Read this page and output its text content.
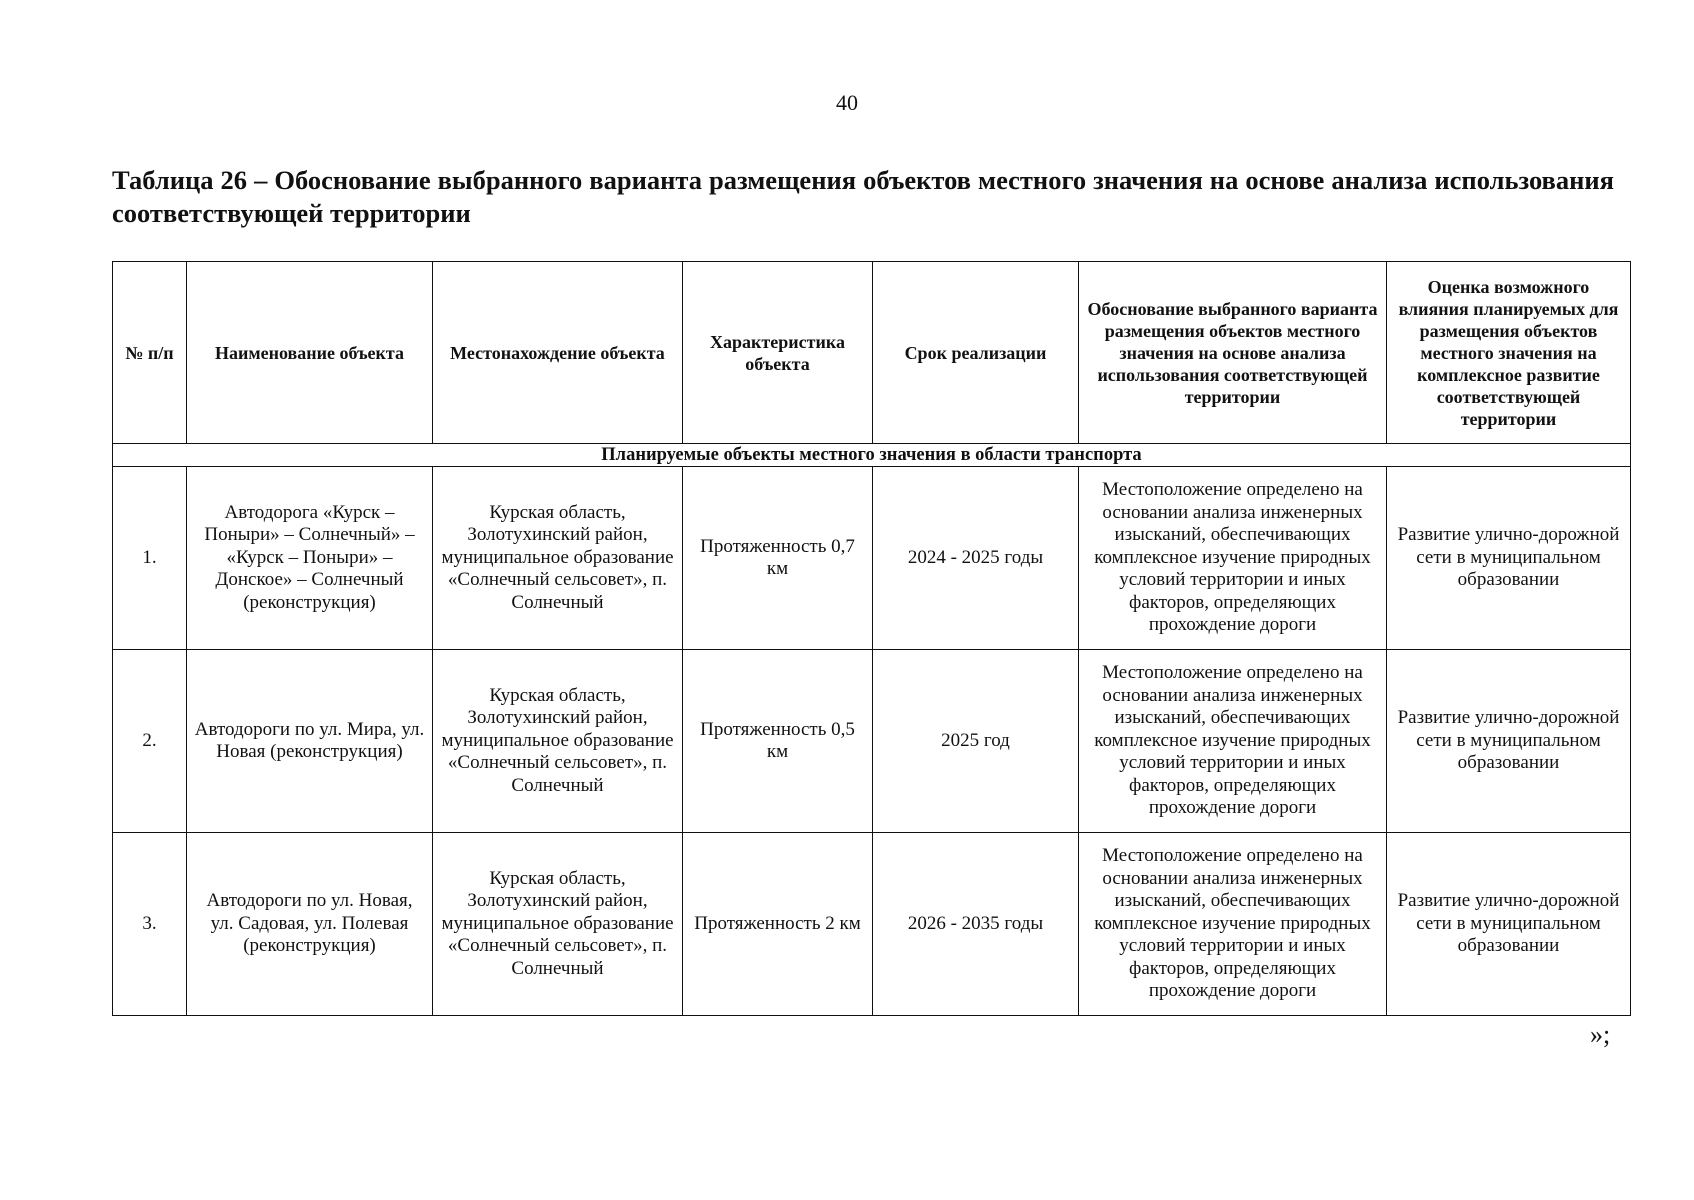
40
Таблица 26 – Обоснование выбранного варианта размещения объектов местного значения на основе анализа использования соответствующей территории
№ п/п	Наименование объекта	Местонахождение объекта	Характеристика объекта	Срок реализации	Обоснование выбранного варианта размещения объектов местного значения на основе анализа использования соответствующей территории	Оценка возможного влияния планируемых для размещения объектов местного значения на комплексное развитие соответствующей территории
Планируемые объекты местного значения в области транспорта						
1.	Автодорога «Курск – Поныри» – Солнечный» – «Курск – Поныри» – Донское» – Солнечный (реконструкция)	Курская область, Золотухинский район, муниципальное образование «Солнечный сельсовет», п. Солнечный	Протяженность 0,7 км	2024 - 2025 годы	Местоположение определено на основании анализа инженерных изысканий, обеспечивающих комплексное изучение природных условий территории и иных факторов, определяющих прохождение дороги	Развитие улично-дорожной сети в муниципальном образовании
2.	Автодороги по ул. Мира, ул. Новая (реконструкция)	Курская область, Золотухинский район, муниципальное образование «Солнечный сельсовет», п. Солнечный	Протяженность 0,5 км	2025 год	Местоположение определено на основании анализа инженерных изысканий, обеспечивающих комплексное изучение природных условий территории и иных факторов, определяющих прохождение дороги	Развитие улично-дорожной сети в муниципальном образовании
3.	Автодороги по ул. Новая, ул. Садовая, ул. Полевая (реконструкция)	Курская область, Золотухинский район, муниципальное образование «Солнечный сельсовет», п. Солнечный	Протяженность 2 км	2026 - 2035 годы	Местоположение определено на основании анализа инженерных изысканий, обеспечивающих комплексное изучение природных условий территории и иных факторов, определяющих прохождение дороги	Развитие улично-дорожной сети в муниципальном образовании
»;
